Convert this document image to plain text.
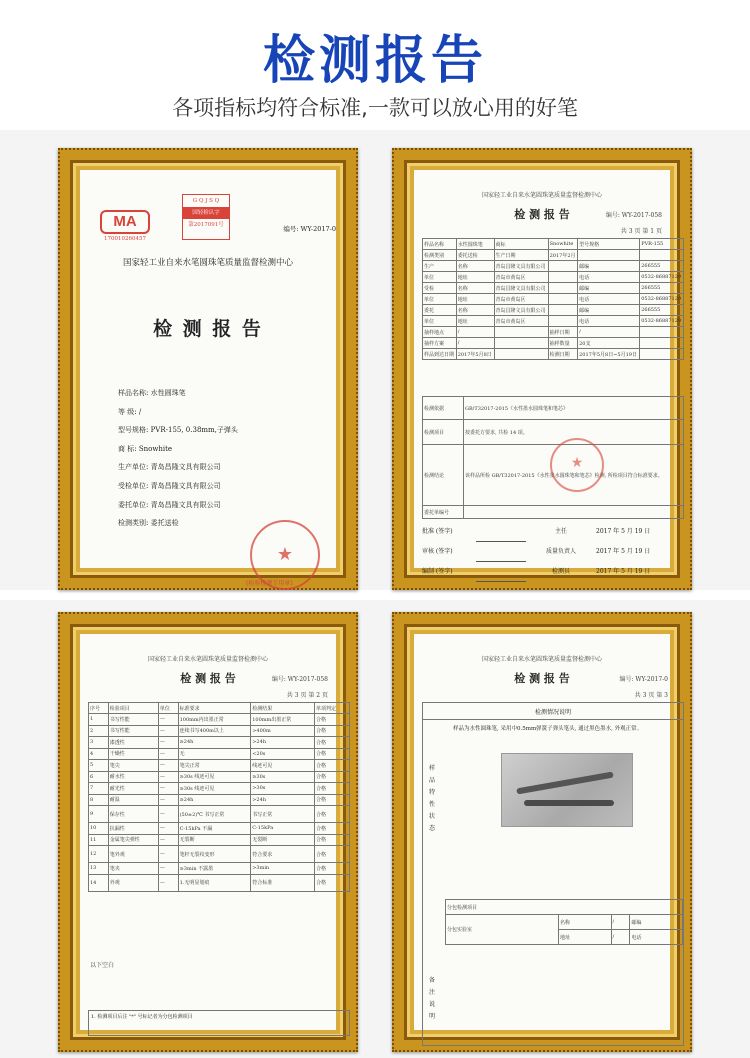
检测报告
各项指标均符合标准,一款可以放心用的好笔
MA
170010260457
G Q J S Q
国轻检认字
第2017091号	编号: WY-2017-0
国家轻工业自来水笔圆珠笔质量监督检测中心
检 测 报 告
样品名称: 水性圆珠笔
等 级: /
型号规格: PVR-155, 0.38mm,子弹头
商 标: Snowhite
生产单位: 青岛昌隆文具有限公司
受检单位: 青岛昌隆文具有限公司
委托单位: 青岛昌隆文具有限公司
检测类别: 委托送检
★
(检验检测专用章)
国家轻工业自来水笔圆珠笔质量监督检测中心
检 测 报 告	编号: WY-2017-058
共 3 页 第 1 页
样品名称	水性圆珠笔	商标	Snowhite	型号规格	PVR-155
检测类别	委托送检	生产日期	2017年2月		
生产	名称	青岛昌隆文具有限公司		邮编	266555
单位	地址	青岛市黄岛区		电话	0532-86887129
受检	名称	青岛昌隆文具有限公司		邮编	266555
单位	地址	青岛市黄岛区		电话	0532-86887129
委托	名称	青岛昌隆文具有限公司		邮编	266555
单位	地址	青岛市黄岛区		电话	0532-86887129
抽样地点	/		抽样日期	/	
抽样方案	/		抽样数量	20支	
样品到达日期	2017年5月8日		检测日期	2017年5月8日~5月19日	
检测依据	GB/T32017-2015《水性墨水圆珠笔和笔芯》
检测项目	按委托方要求, 共检 14 项。
检测结论	该样品所检 GB/T32017-2015《水性墨水圆珠笔和笔芯》检测, 所检项目符合标准要求。
委托单编号	
★
批准 (签字)	主任	2017 年 5 月 19 日
审核 (签字)	质量负责人	2017 年 5 月 19 日
编制 (签字)	检测员	2017 年 5 月 19 日
国家轻工业自来水笔圆珠笔质量监督检测中心
检 测 报 告	编号: WY-2017-058
共 3 页 第 2 页
序号	检验项目	单位	标准要求	检测结果	单项判定
1	书写性能	—	100mm内出墨正常	100mm出墨正常	合格
2	书写性能	—	连续书写400m以上	>400m	合格
3	漆透性	—	≥24h	>24h	合格
4	干燥性	—	无	<20s	合格
5	笔尖	—	笔尖正常	线迹可见	合格
6	耐水性	—	≥30s 线迹可见	≥30s	合格
7	耐光性	—	≥30s 线迹可见	>30s	合格
8	耐温	—	≥24h	>24h	合格
9	保存性	—	(50±2)℃ 书写正常	书写正常	合格
10	抗漏性	—	C-15kPa 不漏	C-15kPa	合格
11	金属笔尖弹性	—	无裂断	无裂断	合格
12	笔外观	—	笔杆无裂纹变形	符合要求	合格
13	笔夹	—	≥3min 不露墨	>3min	合格
14	外观	—	1.无明显划痕	符合标准	合格
以下空白
1. 检测项目后注 "*" 号标记者为分包检测项目
国家轻工业自来水笔圆珠笔质量监督检测中心
检 测 报 告	编号: WY-2017-0
共 3 页 第 3
检测情况说明
样品特性状态
样品为水性圆珠笔, 采用中0.5mm弹簧子弹头笔头, 通过黑色墨水, 外观正常。
分包检测项目			
分包实验室	名称	/	邮编
	地址	/	电话
备注说明
